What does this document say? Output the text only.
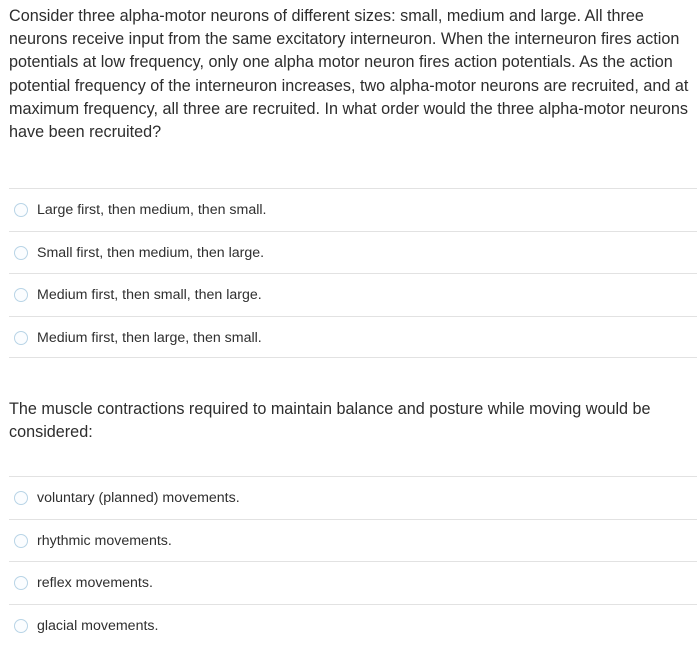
Consider three alpha-motor neurons of different sizes: small, medium and large. All three neurons receive input from the same excitatory interneuron. When the interneuron fires action potentials at low frequency, only one alpha motor neuron fires action potentials. As the action potential frequency of the interneuron increases, two alpha-motor neurons are recruited, and at maximum frequency, all three are recruited. In what order would the three alpha-motor neurons have been recruited?

Large first, then medium, then small.
Small first, then medium, then large.
Medium first, then small, then large.
Medium first, then large, then small.

The muscle contractions required to maintain balance and posture while moving would be considered:

voluntary (planned) movements.
rhythmic movements.
reflex movements.
glacial movements.
